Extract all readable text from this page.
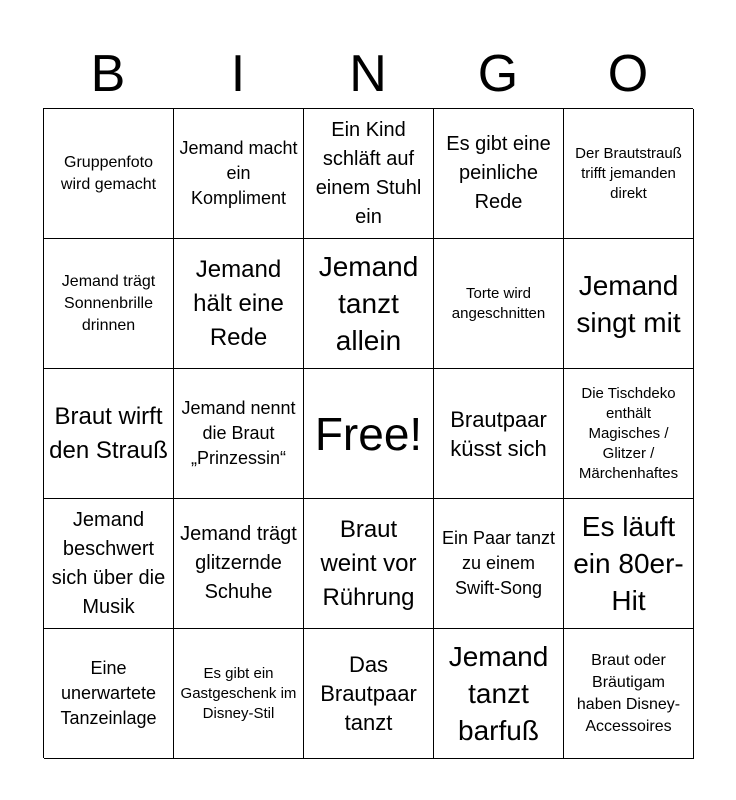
B	I	N	G	O
Gruppenfoto wird gemacht
Jemand macht ein Kompliment
Ein Kind schläft auf einem Stuhl ein
Es gibt eine peinliche Rede
Der Brautstrauß trifft jemanden direkt
Jemand trägt Sonnenbrille drinnen
Jemand hält eine Rede
Jemand tanzt allein
Torte wird angeschnitten
Jemand singt mit
Braut wirft den Strauß
Jemand nennt die Braut „Prinzessin“ Free!	Brautpaar küsst sich
Die Tischdeko enthält Magisches / Glitzer / Märchenhaftes
Jemand beschwert sich über die Musik
Jemand trägt glitzernde Schuhe
Braut weint vor Rührung
Ein Paar tanzt zu einem Swift-Song
Es läuft ein 80er-Hit
Eine unerwartete Tanzeinlage
Es gibt ein Gastgeschenk im Disney-Stil
Das Brautpaar tanzt
Jemand tanzt barfuß
Braut oder Bräutigam haben Disney-Accessoires
